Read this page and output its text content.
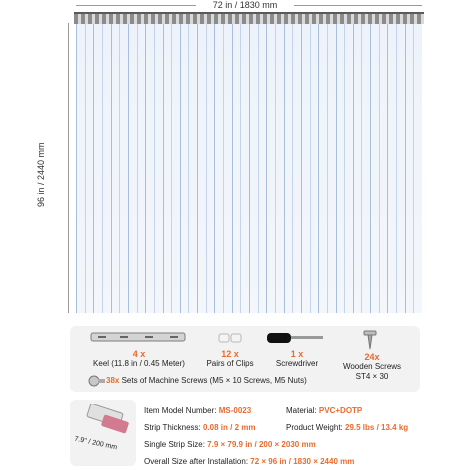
72 in / 1830 mm
96 in / 2440 mm
4 x
Keel (11.8 in / 0.45 Meter)
12 x
Pairs of Clips
1 x
Screwdriver
24x
Wooden Screws
ST4 × 30
38x Sets of Machine Screws (M5 × 10 Screws, M5 Nuts)
7.9" / 200 mm
Item Model Number: MS-0023	Material: PVC+DOTP
Strip Thickness: 0.08 in / 2 mm	Product Weight: 29.5 lbs / 13.4 kg
Single Strip Size: 7.9 × 79.9 in / 200 × 2030 mm
Overall Size after Installation: 72 × 96 in / 1830 × 2440 mm
